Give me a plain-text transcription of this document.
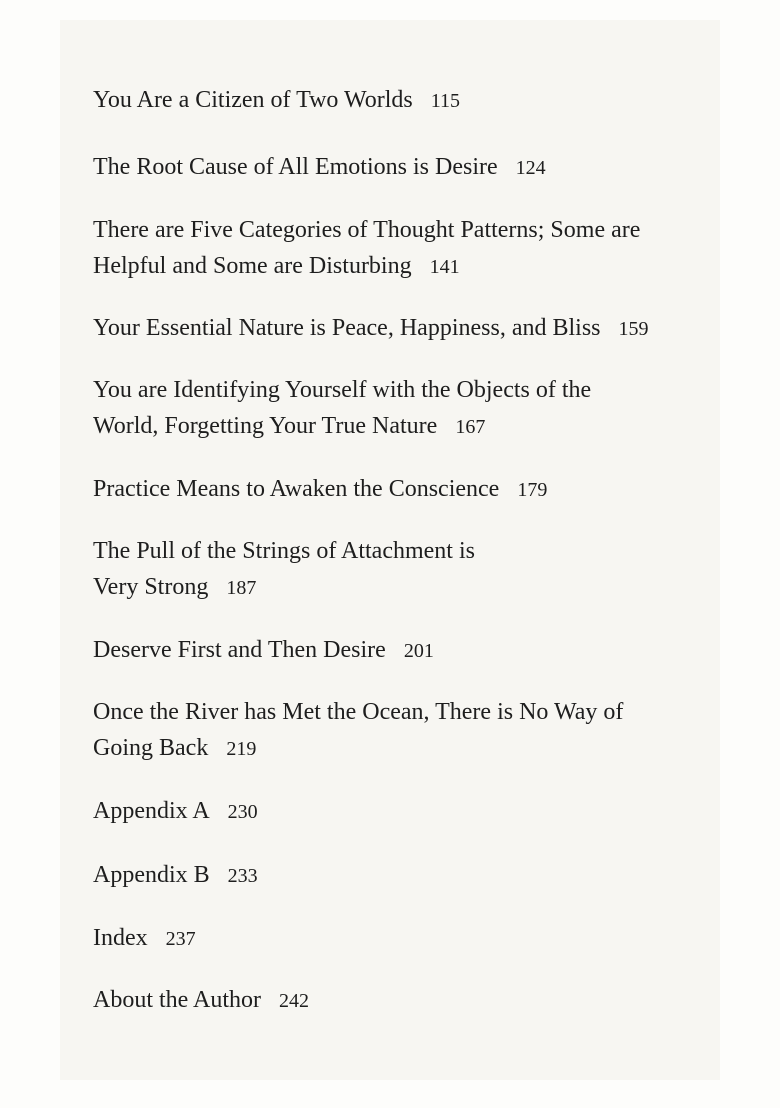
You Are a Citizen of Two Worlds 115
The Root Cause of All Emotions is Desire 124
There are Five Categories of Thought Patterns; Some are
Helpful and Some are Disturbing 141
Your Essential Nature is Peace, Happiness, and Bliss 159
You are Identifying Yourself with the Objects of the
World, Forgetting Your True Nature 167
Practice Means to Awaken the Conscience 179
The Pull of the Strings of Attachment is
Very Strong 187
Deserve First and Then Desire 201
Once the River has Met the Ocean, There is No Way of
Going Back 219
Appendix A 230
Appendix B 233
Index 237
About the Author 242
